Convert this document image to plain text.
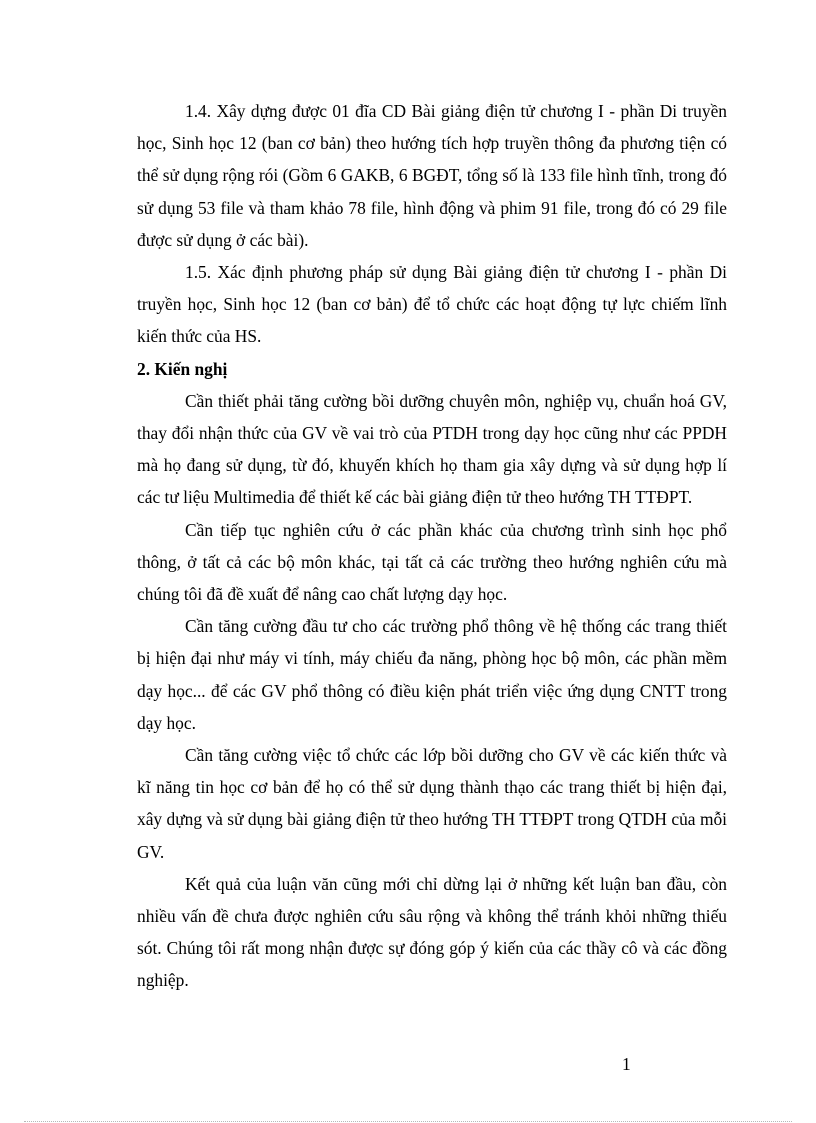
1.4. Xây dựng được 01 đĩa CD Bài giảng điện tử chương I - phần Di truyền học, Sinh học 12 (ban cơ bản) theo hướng tích hợp truyền thông đa phương tiện có thể sử dụng rộng rói (Gồm 6 GAKB, 6 BGĐT, tổng số là 133 file hình tĩnh, trong đó sử dụng 53 file và tham khảo 78 file, hình động và phim 91 file, trong đó có 29 file được sử dụng ở các bài).

1.5. Xác định phương pháp sử dụng Bài giảng điện tử chương I - phần Di truyền học, Sinh học 12 (ban cơ bản) để tổ chức các hoạt động tự lực chiếm lĩnh kiến thức của HS.

2. Kiến nghị

Cần thiết phải tăng cường bồi dưỡng chuyên môn, nghiệp vụ, chuẩn hoá GV, thay đổi nhận thức của GV về vai trò của PTDH trong dạy học cũng như các PPDH mà họ đang sử dụng, từ đó, khuyến khích họ tham gia xây dựng và sử dụng hợp lí các tư liệu Multimedia để thiết kế các bài giảng điện tử theo hướng TH TTĐPT.

Cần tiếp tục nghiên cứu ở các phần khác của chương trình sinh học phổ thông, ở tất cả các bộ môn khác, tại tất cả các trường theo hướng nghiên cứu mà chúng tôi đã đề xuất để nâng cao chất lượng dạy học.

Cần tăng cường đầu tư cho các trường phổ thông về hệ thống các trang thiết bị hiện đại như máy vi tính, máy chiếu đa năng, phòng học bộ môn, các phần mềm dạy học... để các GV phổ thông có điều kiện phát triển việc ứng dụng CNTT trong dạy học.

Cần tăng cường việc tổ chức các lớp bồi dưỡng cho GV về các kiến thức và kĩ năng tin học cơ bản để họ có thể sử dụng thành thạo các trang thiết bị hiện đại, xây dựng và sử dụng bài giảng điện tử theo hướng TH TTĐPT trong QTDH của mỗi GV.

Kết quả của luận văn cũng mới chỉ dừng lại ở những kết luận ban đầu, còn nhiều vấn đề chưa được nghiên cứu sâu rộng và không thể tránh khỏi những thiếu sót. Chúng tôi rất mong nhận được sự đóng góp ý kiến của các thầy cô và các đồng nghiệp.

1
